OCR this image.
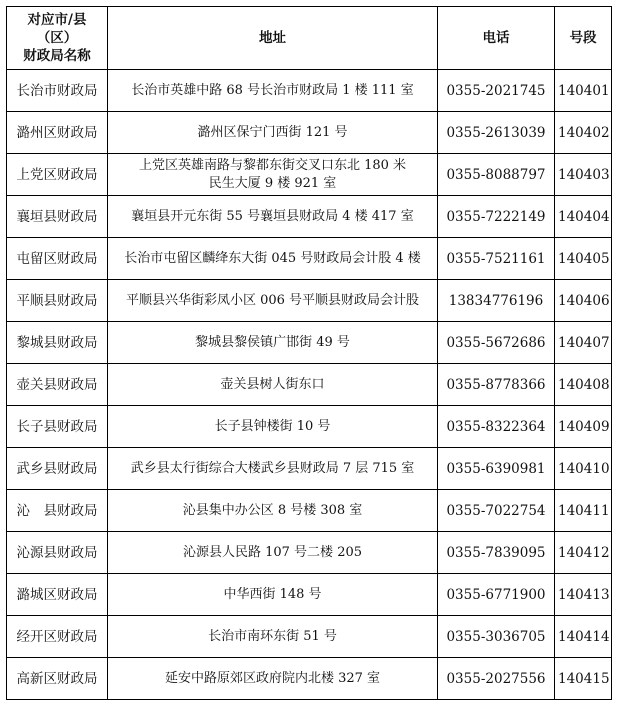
对应市/县
（区）
财政局名称	地址	电话	号段
长治市财政局	长治市英雄中路 68 号长治市财政局 1 楼 111 室	0355-2021745	140401
潞州区财政局	潞州区保宁门西街 121 号	0355-2613039	140402
上党区财政局	上党区英雄南路与黎都东街交叉口东北 180 米
民生大厦 9 楼 921 室	0355-8088797	140403
襄垣县财政局	襄垣县开元东街 55 号襄垣县财政局 4 楼 417 室	0355-7222149	140404
屯留区财政局	长治市屯留区麟绛东大街 045 号财政局会计股 4 楼	0355-7521161	140405
平顺县财政局	平顺县兴华街彩凤小区 006 号平顺县财政局会计股	13834776196	140406
黎城县财政局	黎城县黎侯镇广邯街 49 号	0355-5672686	140407
壶关县财政局	壶关县树人街东口	0355-8778366	140408
长子县财政局	长子县钟楼街 10 号	0355-8322364	140409
武乡县财政局	武乡县太行街综合大楼武乡县财政局 7 层 715 室	0355-6390981	140410
沁　县财政局	沁县集中办公区 8 号楼 308 室	0355-7022754	140411
沁源县财政局	沁源县人民路 107 号二楼 205	0355-7839095	140412
潞城区财政局	中华西街 148 号	0355-6771900	140413
经开区财政局	长治市南环东街 51 号	0355-3036705	140414
高新区财政局	延安中路原郊区政府院内北楼 327 室	0355-2027556	140415
